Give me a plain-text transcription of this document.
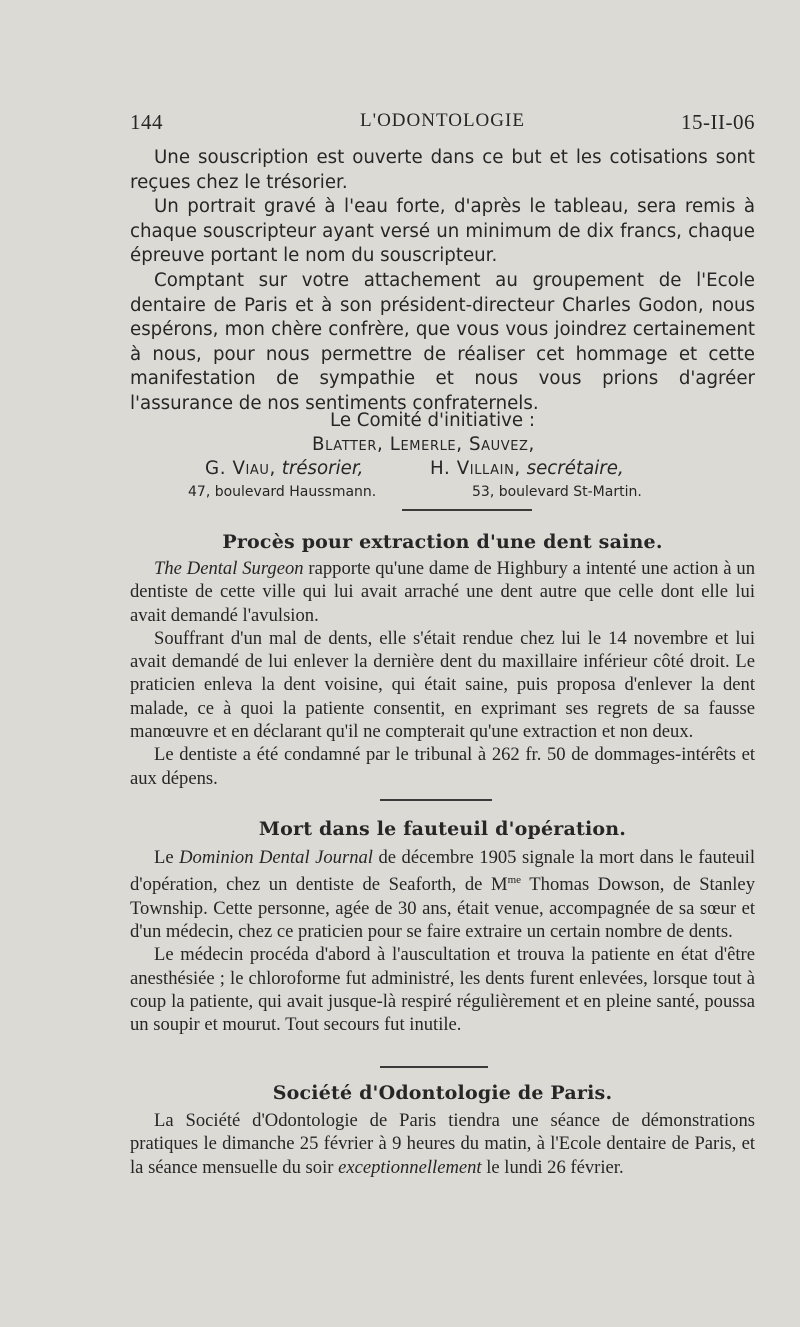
144	L'ODONTOLOGIE	15-II-06

Une souscription est ouverte dans ce but et les cotisations sont reçues chez le trésorier.

Un portrait gravé à l'eau forte, d'après le tableau, sera remis à chaque souscripteur ayant versé un minimum de dix francs, chaque épreuve portant le nom du souscripteur.

Comptant sur votre attachement au groupement de l'Ecole dentaire de Paris et à son président-directeur Charles Godon, nous espérons, mon chère confrère, que vous vous joindrez certainement à nous, pour nous permettre de réaliser cet hommage et cette manifestation de sympathie et nous vous prions d'agréer l'assurance de nos sentiments confraternels.

Le Comité d'initiative :
Blatter, Lemerle, Sauvez,
G. Viau, trésorier,	H. Villain, secrétaire,
47, boulevard Haussmann.	53, boulevard St-Martin.
Procès pour extraction d'une dent saine.

The Dental Surgeon rapporte qu'une dame de Highbury a intenté une action à un dentiste de cette ville qui lui avait arraché une dent autre que celle dont elle lui avait demandé l'avulsion.

Souffrant d'un mal de dents, elle s'était rendue chez lui le 14 novembre et lui avait demandé de lui enlever la dernière dent du maxillaire inférieur côté droit. Le praticien enleva la dent voisine, qui était saine, puis proposa d'enlever la dent malade, ce à quoi la patiente consentit, en exprimant ses regrets de sa fausse manœuvre et en déclarant qu'il ne compterait qu'une extraction et non deux.

Le dentiste a été condamné par le tribunal à 262 fr. 50 de dommages-intérêts et aux dépens.

Mort dans le fauteuil d'opération.

Le Dominion Dental Journal de décembre 1905 signale la mort dans le fauteuil d'opération, chez un dentiste de Seaforth, de $M^{me}$ Thomas Dowson, de Stanley Township. Cette personne, agée de 30 ans, était venue, accompagnée de sa sœur et d'un médecin, chez ce praticien pour se faire extraire un certain nombre de dents.

Le médecin procéda d'abord à l'auscultation et trouva la patiente en état d'être anesthésiée ; le chloroforme fut administré, les dents furent enlevées, lorsque tout à coup la patiente, qui avait jusque-là respiré régulièrement et en pleine santé, poussa un soupir et mourut. Tout secours fut inutile.

Société d'Odontologie de Paris.

La Société d'Odontologie de Paris tiendra une séance de démonstrations pratiques le dimanche 25 février à 9 heures du matin, à l'Ecole dentaire de Paris, et la séance mensuelle du soir exceptionnellement le lundi 26 février.
